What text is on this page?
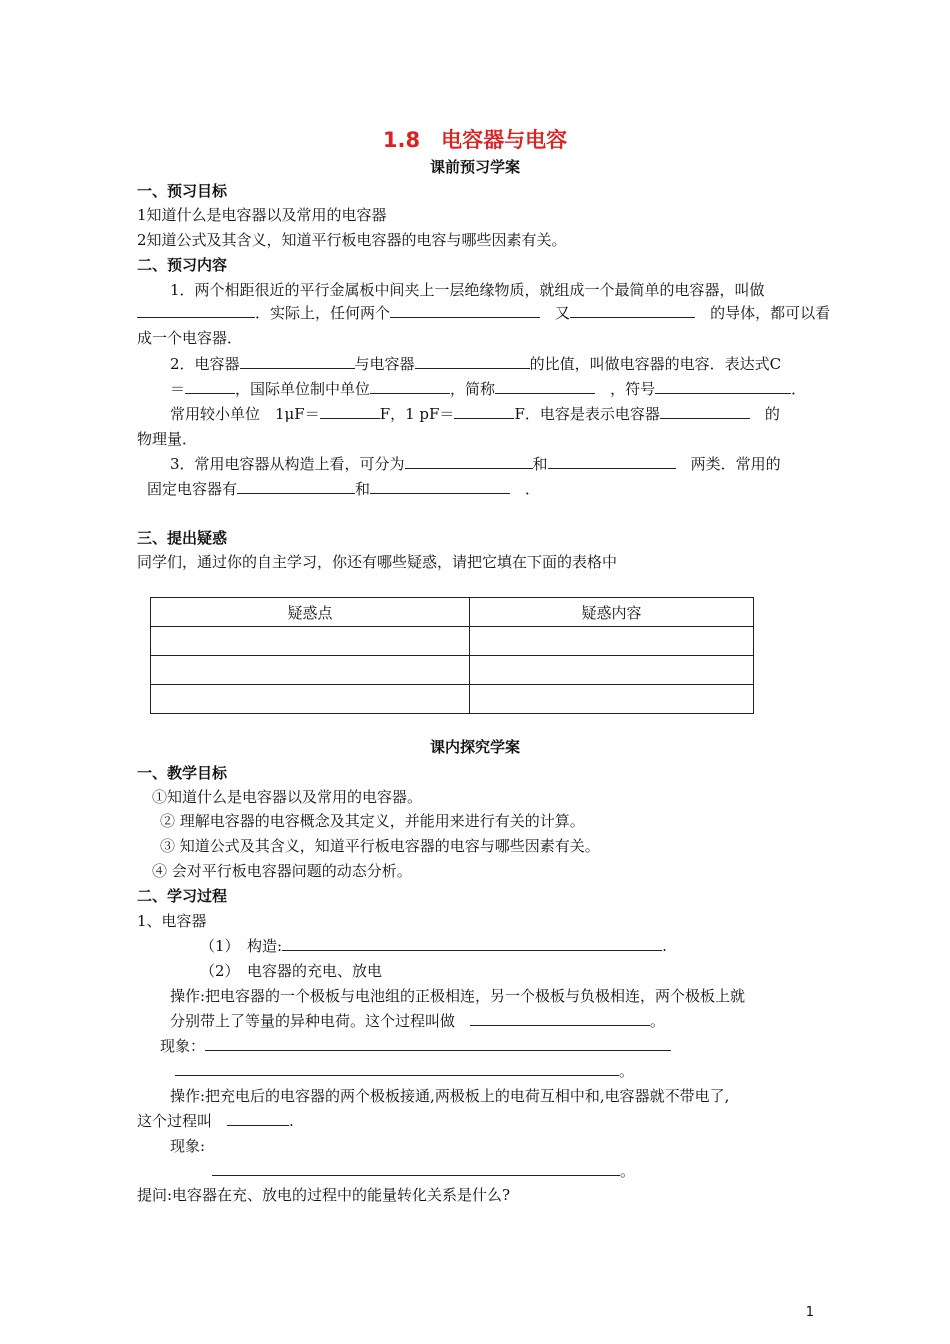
1.8　电容器与电容
课前预习学案
一、预习目标
1知道什么是电容器以及常用的电容器
2知道公式及其含义，知道平行板电容器的电容与哪些因素有关。
二、预习内容
1．两个相距很近的平行金属板中间夹上一层绝缘物质，就组成一个最简单的电容器，叫做
．实际上，任何两个　	又　	的导体，都可以看
成一个电容器．
2．电容器	与电容器	的比值，叫做电容器的电容．表达式C
＝	，国际单位制中单位	，简称　	，符号	．
常用较小单位　1μF＝	F，1 pF＝	F．电容是表示电容器　	的
物理量．
3．常用电容器从构造上看，可分为	和　	两类．常用的
固定电容器有	和　	．
三、提出疑惑
同学们，通过你的自主学习，你还有哪些疑惑，请把它填在下面的表格中
疑惑点	疑惑内容

课内探究学案
一、教学目标
①知道什么是电容器以及常用的电容器。
② 理解电容器的电容概念及其定义，并能用来进行有关的计算。
③ 知道公式及其含义，知道平行板电容器的电容与哪些因素有关。
④ 会对平行板电容器问题的动态分析。
二、学习过程
1、电容器
（1）　构造:	.
（2）　电容器的充电、放电
操作:把电容器的一个极板与电池组的正极相连，另一个极板与负极相连，两个极板上就
分别带上了等量的异种电荷。这个过程叫做　	。
现象：
。
操作:把充电后的电容器的两个极板接通,两极板上的电荷互相中和,电容器就不带电了,
这个过程叫　	.
现象:
。
提问:电容器在充、放电的过程中的能量转化关系是什么?
1
